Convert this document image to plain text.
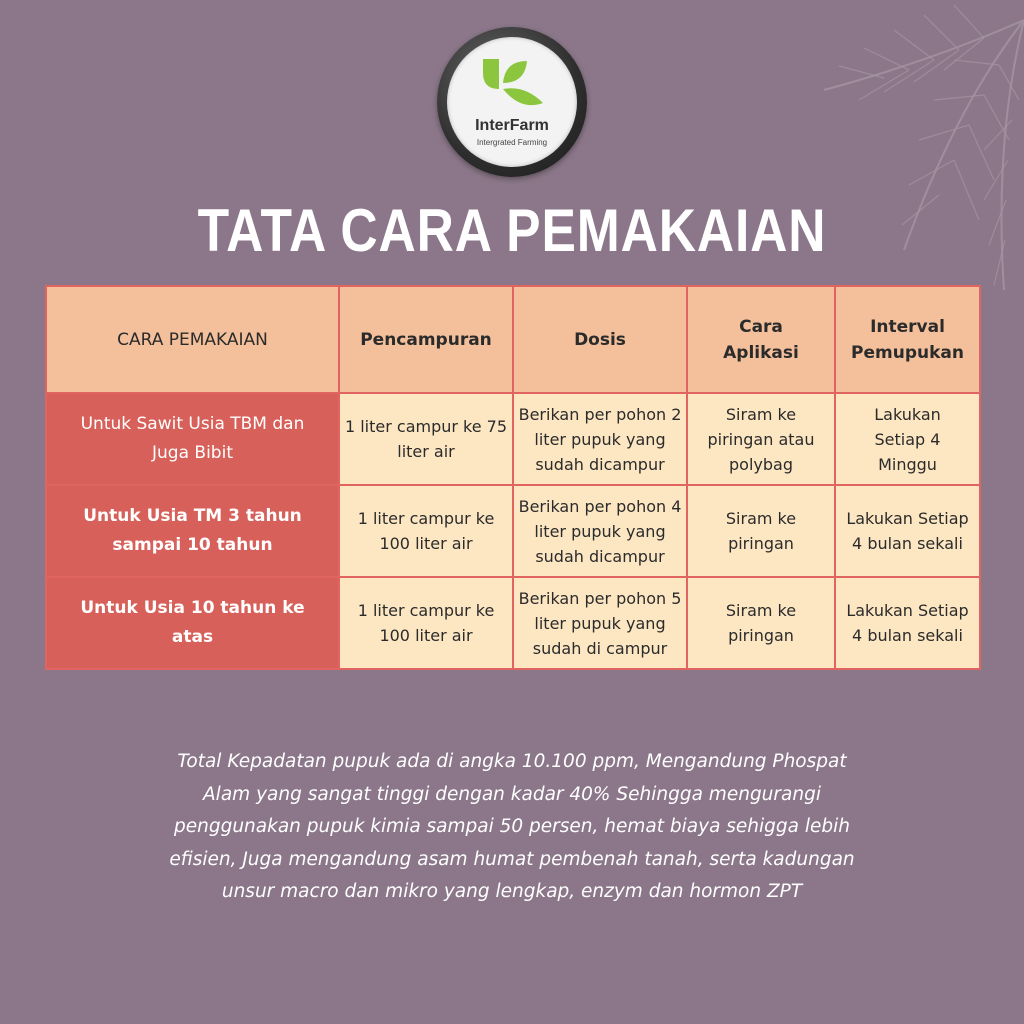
InterFarm
Intergrated Farming
TATA CARA PEMAKAIAN
CARA PEMAKAIAN	Pencampuran	Dosis	Cara Aplikasi	Interval Pemupukan
Untuk Sawit Usia TBM dan Juga Bibit	1 liter campur ke 75 liter air	Berikan per pohon 2 liter pupuk yang sudah dicampur	Siram ke piringan atau polybag	Lakukan Setiap 4 Minggu
Untuk Usia TM 3 tahun sampai 10 tahun	1 liter campur ke 100 liter air	Berikan per pohon 4 liter pupuk yang sudah dicampur	Siram ke piringan	Lakukan Setiap 4 bulan sekali
Untuk Usia 10 tahun ke atas	1 liter campur ke 100 liter air	Berikan per pohon 5 liter pupuk yang sudah di campur	Siram ke piringan	Lakukan Setiap 4 bulan sekali
Total Kepadatan pupuk ada di angka 10.100 ppm, Mengandung Phospat Alam yang sangat tinggi dengan kadar 40% Sehingga mengurangi penggunakan pupuk kimia sampai 50 persen, hemat biaya sehigga lebih efisien, Juga mengandung asam humat pembenah tanah, serta kadungan unsur macro dan mikro yang lengkap, enzym dan hormon ZPT
